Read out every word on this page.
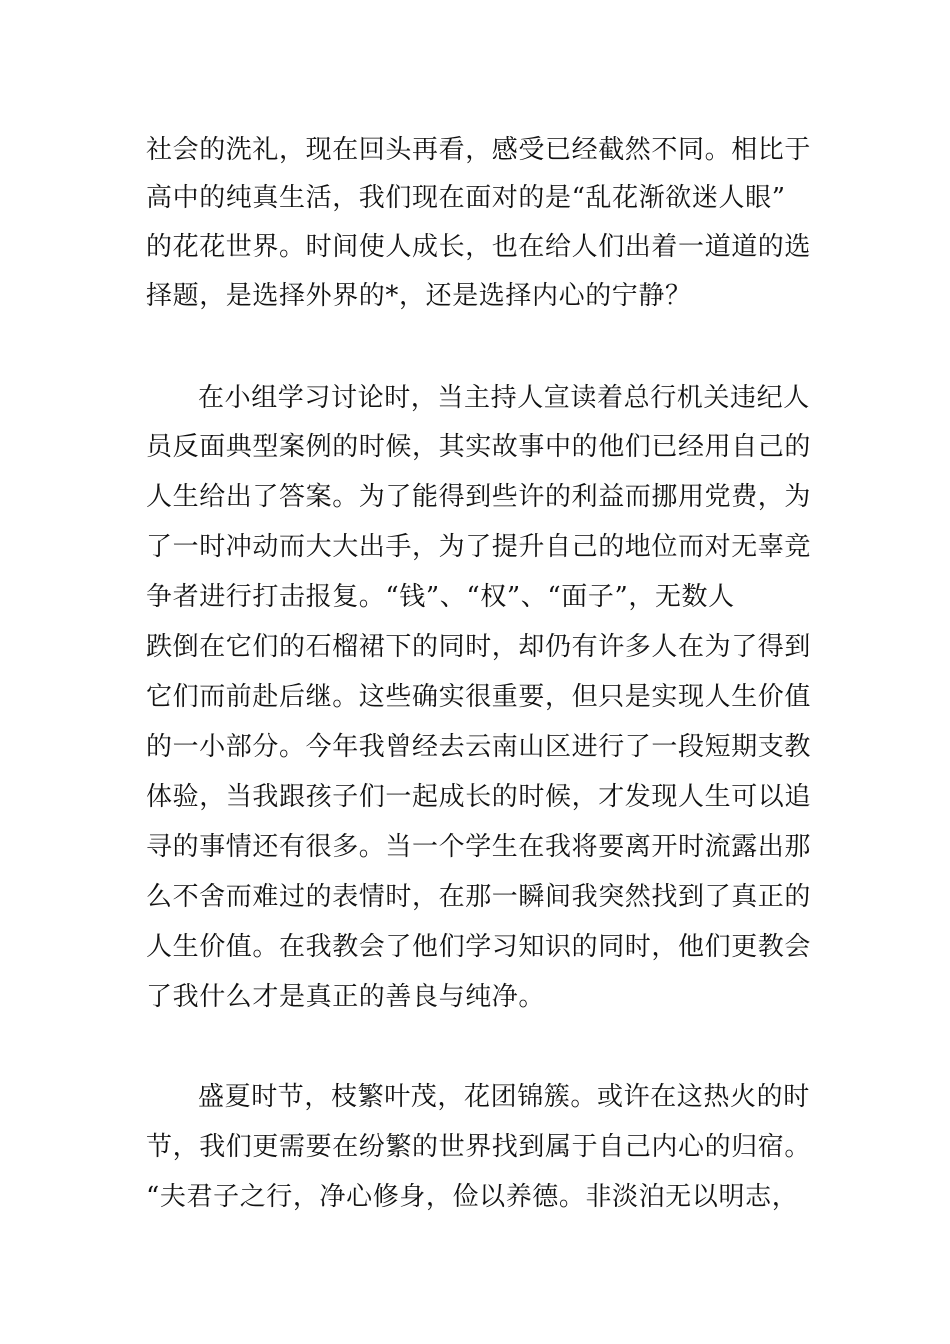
社会的洗礼，现在回头再看，感受已经截然不同。相比于
高中的纯真生活，我们现在面对的是“乱花渐欲迷人眼”
的花花世界。时间使人成长，也在给人们出着一道道的选
择题，是选择外界的*，还是选择内心的宁静？
在小组学习讨论时，当主持人宣读着总行机关违纪人
员反面典型案例的时候，其实故事中的他们已经用自己的
人生给出了答案。为了能得到些许的利益而挪用党费，为
了一时冲动而大大出手，为了提升自己的地位而对无辜竞
争者进行打击报复。“钱”、“权”、“面子”，无数人
跌倒在它们的石榴裙下的同时，却仍有许多人在为了得到
它们而前赴后继。这些确实很重要，但只是实现人生价值
的一小部分。今年我曾经去云南山区进行了一段短期支教
体验，当我跟孩子们一起成长的时候，才发现人生可以追
寻的事情还有很多。当一个学生在我将要离开时流露出那
么不舍而难过的表情时，在那一瞬间我突然找到了真正的
人生价值。在我教会了他们学习知识的同时，他们更教会
了我什么才是真正的善良与纯净。
盛夏时节，枝繁叶茂，花团锦簇。或许在这热火的时
节，我们更需要在纷繁的世界找到属于自己内心的归宿。
“夫君子之行，净心修身，俭以养德。非淡泊无以明志，
